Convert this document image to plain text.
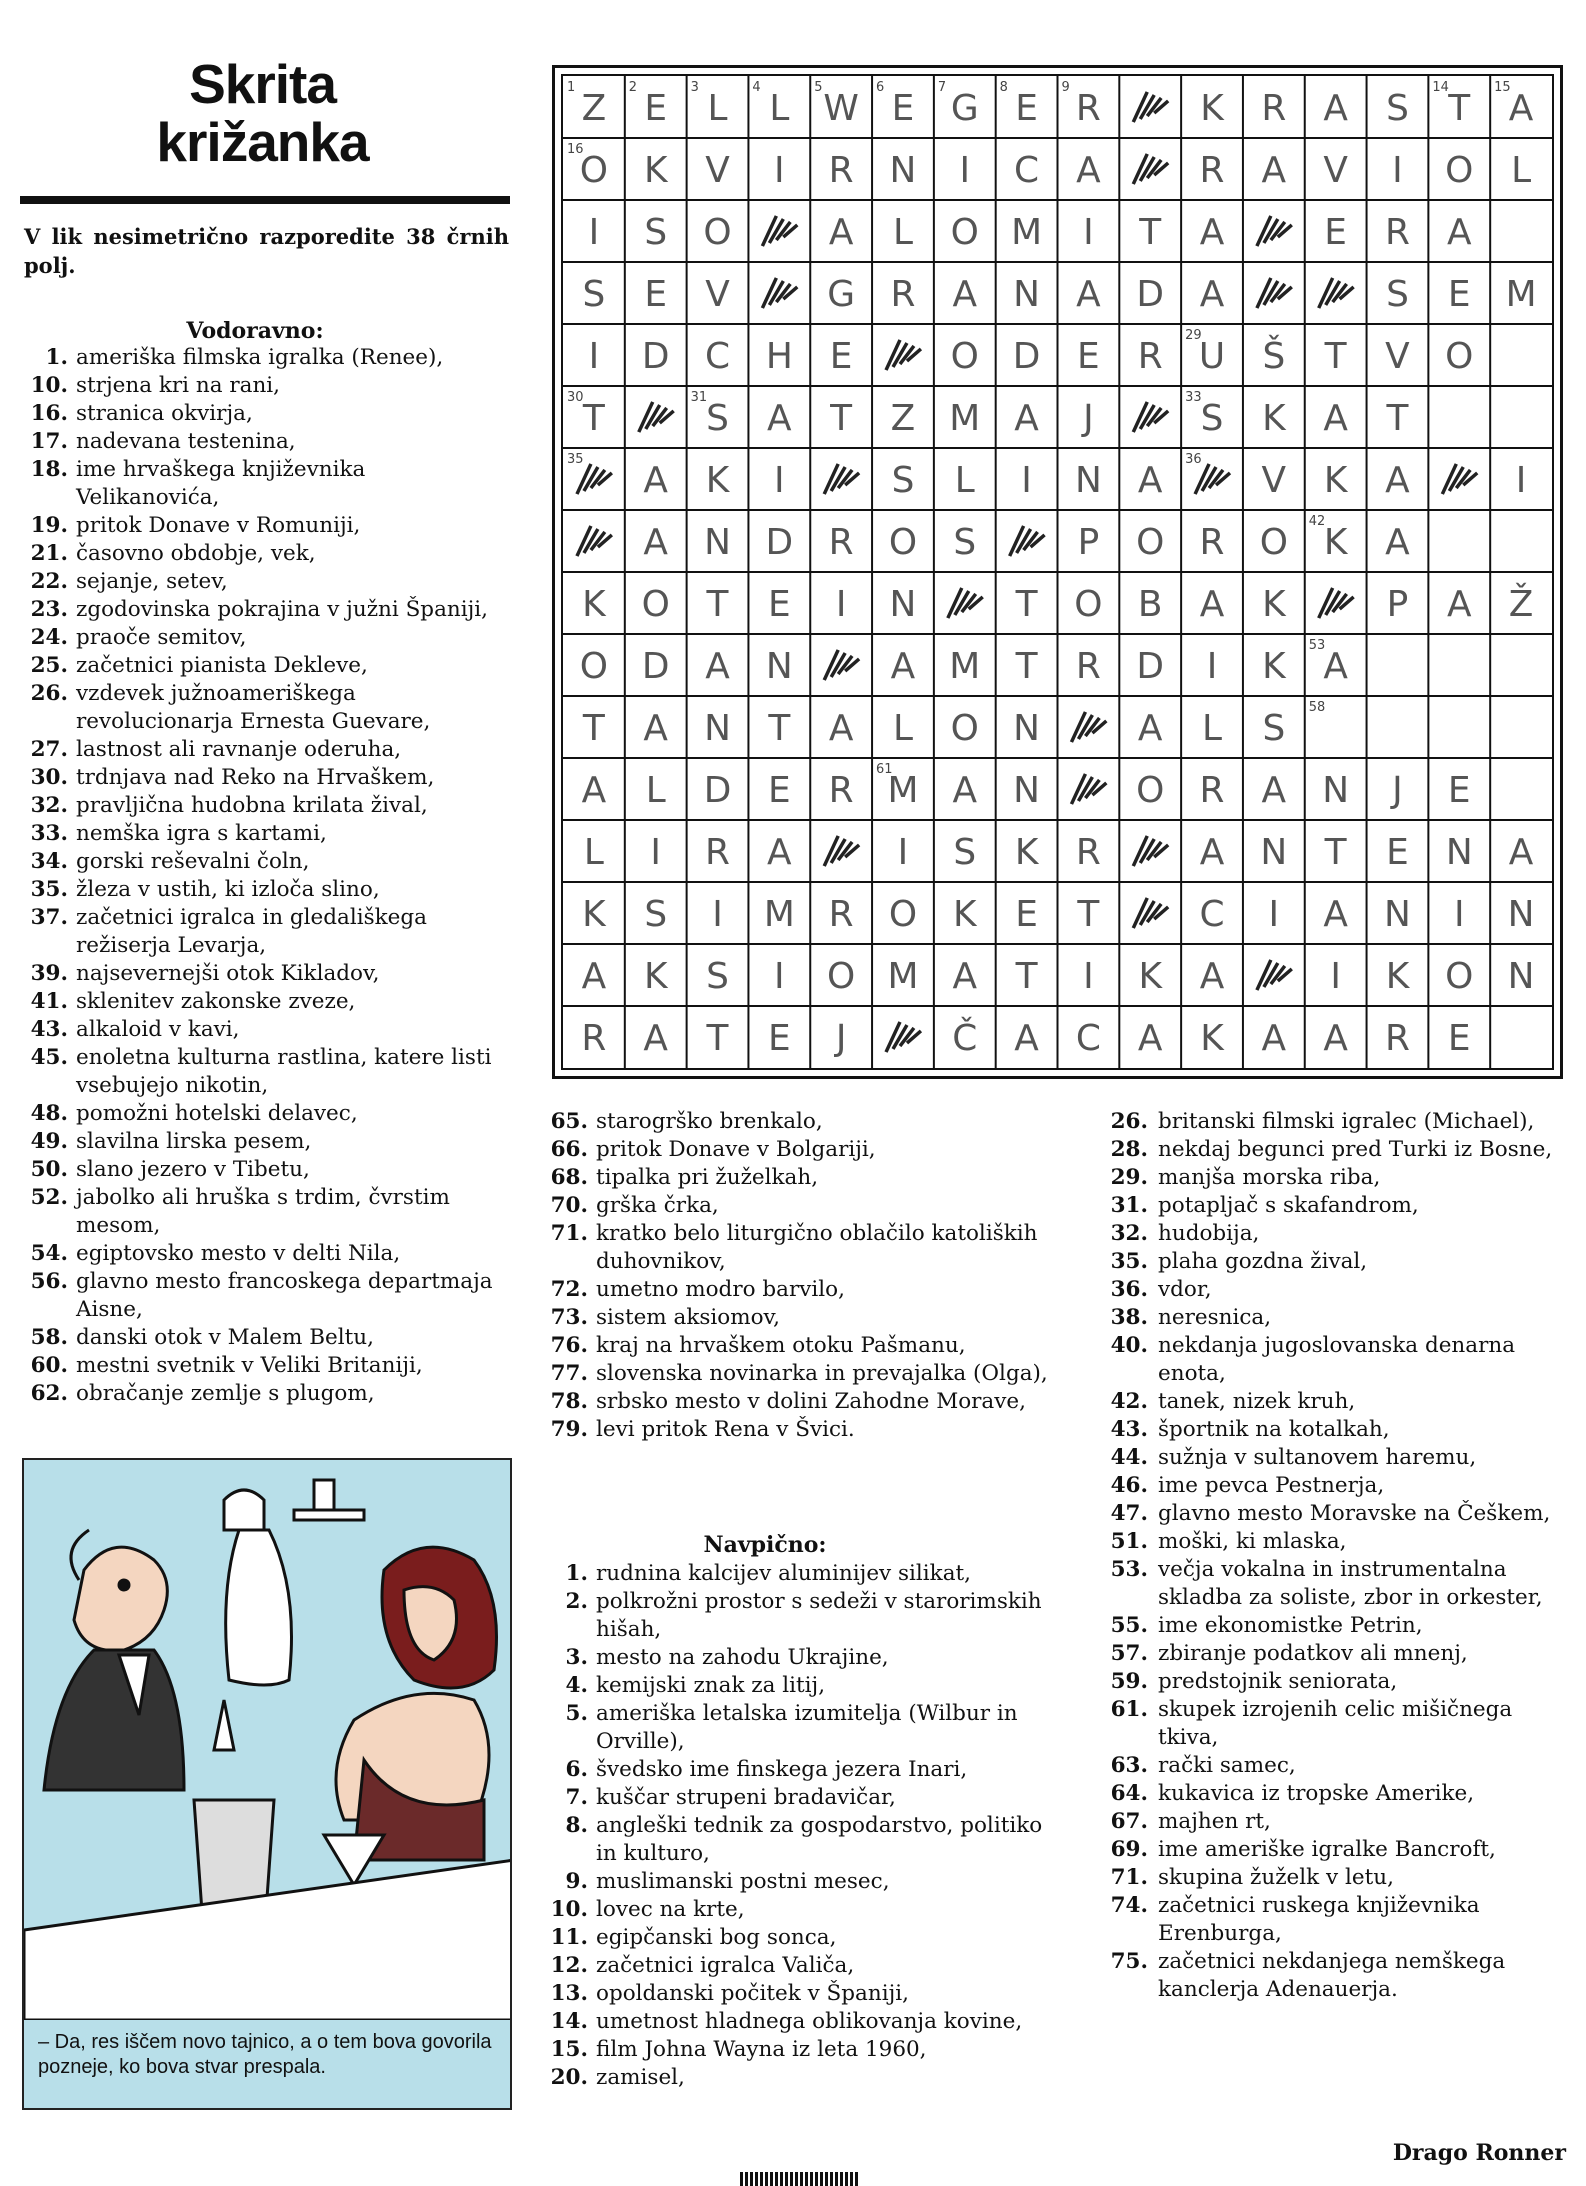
Skrita
križanka
V lik nesimetrično razporedite 38 črnih polj.
Vodoravno:
1. ameriška filmska igralka (Renee),
10. strjena kri na rani,
16. stranica okvirja,
17. nadevana testenina,
18. ime hrvaškega književnika Velikanovića,
19. pritok Donave v Romuniji,
21. časovno obdobje, vek,
22. sejanje, setev,
23. zgodovinska pokrajina v južni Španiji,
24. praoče semitov,
25. začetnici pianista Dekleve,
26. vzdevek južnoameriškega revolucionarja Ernesta Guevare,
27. lastnost ali ravnanje oderuha,
30. trdnjava nad Reko na Hrvaškem,
32. pravljična hudobna krilata žival,
33. nemška igra s kartami,
34. gorski reševalni čoln,
35. žleza v ustih, ki izloča slino,
37. začetnici igralca in gledališkega režiserja Levarja,
39. najsevernejši otok Kikladov,
41. sklenitev zakonske zveze,
43. alkaloid v kavi,
45. enoletna kulturna rastlina, katere listi vsebujejo nikotin,
48. pomožni hotelski delavec,
49. slavilna lirska pesem,
50. slano jezero v Tibetu,
52. jabolko ali hruška s trdim, čvrstim mesom,
54. egiptovsko mesto v delti Nila,
56. glavno mesto francoskega departmaja Aisne,
58. danski otok v Malem Beltu,
60. mestni svetnik v Veliki Britaniji,
62. obračanje zemlje s plugom,
65. starogrško brenkalo,
66. pritok Donave v Bolgariji,
68. tipalka pri žuželkah,
70. grška črka,
71. kratko belo liturgično oblačilo katoliških duhovnikov,
72. umetno modro barvilo,
73. sistem aksiomov,
76. kraj na hrvaškem otoku Pašmanu,
77. slovenska novinarka in prevajalka (Olga),
78. srbsko mesto v dolini Zahodne Morave,
79. levi pritok Rena v Švici.
Navpično:
1. rudnina kalcijev aluminijev silikat,
2. polkrožni prostor s sedeži v starorimskih hišah,
3. mesto na zahodu Ukrajine,
4. kemijski znak za litij,
5. ameriška letalska izumitelja (Wilbur in Orville),
6. švedsko ime finskega jezera Inari,
7. kuščar strupeni bradavičar,
8. angleški tednik za gospodarstvo, politiko in kulturo,
9. muslimanski postni mesec,
10. lovec na krte,
11. egipčanski bog sonca,
12. začetnici igralca Valiča,
13. opoldanski počitek v Španiji,
14. umetnost hladnega oblikovanja kovine,
15. film Johna Wayna iz leta 1960,
20. zamisel,
26. britanski filmski igralec (Michael),
28. nekdaj begunci pred Turki iz Bosne,
29. manjša morska riba,
31. potapljač s skafandrom,
32. hudobija,
35. plaha gozdna žival,
36. vdor,
38. neresnica,
40. nekdanja jugoslovanska denarna enota,
42. tanek, nizek kruh,
43. športnik na kotalkah,
44. sužnja v sultanovem haremu,
46. ime pevca Pestnerja,
47. glavno mesto Moravske na Češkem,
51. moški, ki mlaska,
53. večja vokalna in instrumentalna skladba za soliste, zbor in orkester,
55. ime ekonomistke Petrin,
57. zbiranje podatkov ali mnenj,
59. predstojnik seniorata,
61. skupek izrojenih celic mišičnega tkiva,
63. rački samec,
64. kukavica iz tropske Amerike,
67. majhen rt,
69. ime ameriške igralke Bancroft,
71. skupina žuželk v letu,
74. začetnici ruskega književnika Erenburga,
75. začetnici nekdanjega nemškega kanclerja Adenauerja.
Z E L L W E G E R	K R A S T A
O K V I R N I C A	R A V I O L
I S O	A L O M I T A	E R A
S E V	G R A N A D A	S E M
I D C H E	O D E R U Š T V O
T	S A T Z M A J	S K A T
A K I	S L I N A	V K A	I
A N D R O S	P O R O K A
K O T E I N	T O B A K	P A Ž
O D A N	A M T R D I K A
T A N T A L O N	A L S
A L D E R M A N	O R A N J E
L I R A	I S K R	A N T E N A
K S I M R O K E T	C I A N I N
A K S I O M A T I K A	I K O N
R A T E J	Č A C A K A A R E
1	2	3	4	5	6	7	8	9	14	15
16
29
30	31	33
35	36
42
53
58
61
– Da, res iščem novo tajnico, a o tem bova govorila pozneje, ko bova stvar prespala.
Drago Ronner
